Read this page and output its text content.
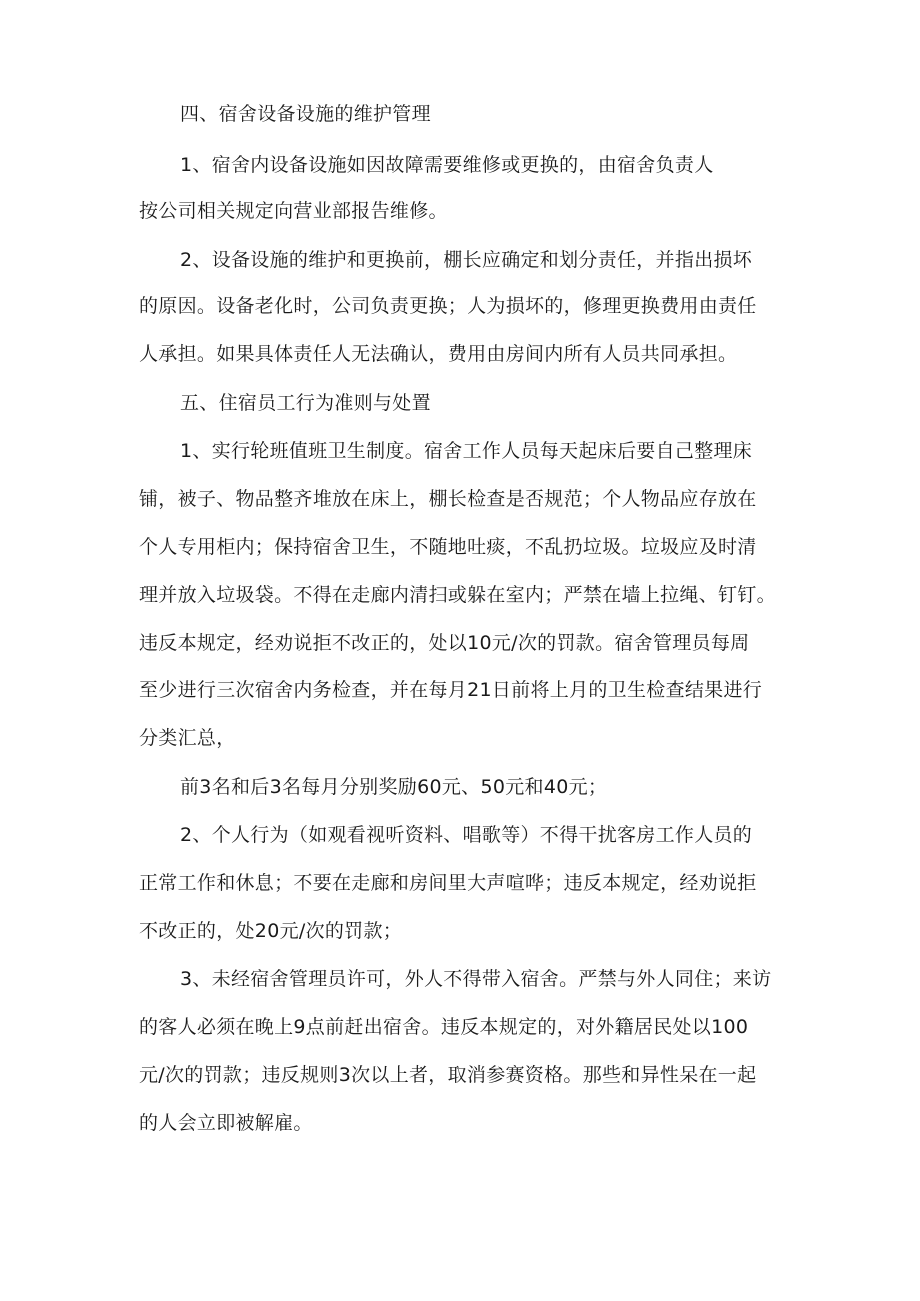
四、宿舍设备设施的维护管理
1、宿舍内设备设施如因故障需要维修或更换的，由宿舍负责人
按公司相关规定向营业部报告维修。
2、设备设施的维护和更换前，棚长应确定和划分责任，并指出损坏
的原因。设备老化时，公司负责更换；人为损坏的，修理更换费用由责任
人承担。如果具体责任人无法确认，费用由房间内所有人员共同承担。
五、住宿员工行为准则与处置
1、实行轮班值班卫生制度。宿舍工作人员每天起床后要自己整理床
铺，被子、物品整齐堆放在床上，棚长检查是否规范；个人物品应存放在
个人专用柜内；保持宿舍卫生，不随地吐痰，不乱扔垃圾。垃圾应及时清
理并放入垃圾袋。不得在走廊内清扫或躲在室内；严禁在墙上拉绳、钉钉。
违反本规定，经劝说拒不改正的，处以10元/次的罚款。宿舍管理员每周
至少进行三次宿舍内务检查，并在每月21日前将上月的卫生检查结果进行
分类汇总，
前3名和后3名每月分别奖励60元、50元和40元；
2、个人行为（如观看视听资料、唱歌等）不得干扰客房工作人员的
正常工作和休息；不要在走廊和房间里大声喧哗；违反本规定，经劝说拒
不改正的，处20元/次的罚款；
3、未经宿舍管理员许可，外人不得带入宿舍。严禁与外人同住；来访
的客人必须在晚上9点前赶出宿舍。违反本规定的，对外籍居民处以100
元/次的罚款；违反规则3次以上者，取消参赛资格。那些和异性呆在一起
的人会立即被解雇。
